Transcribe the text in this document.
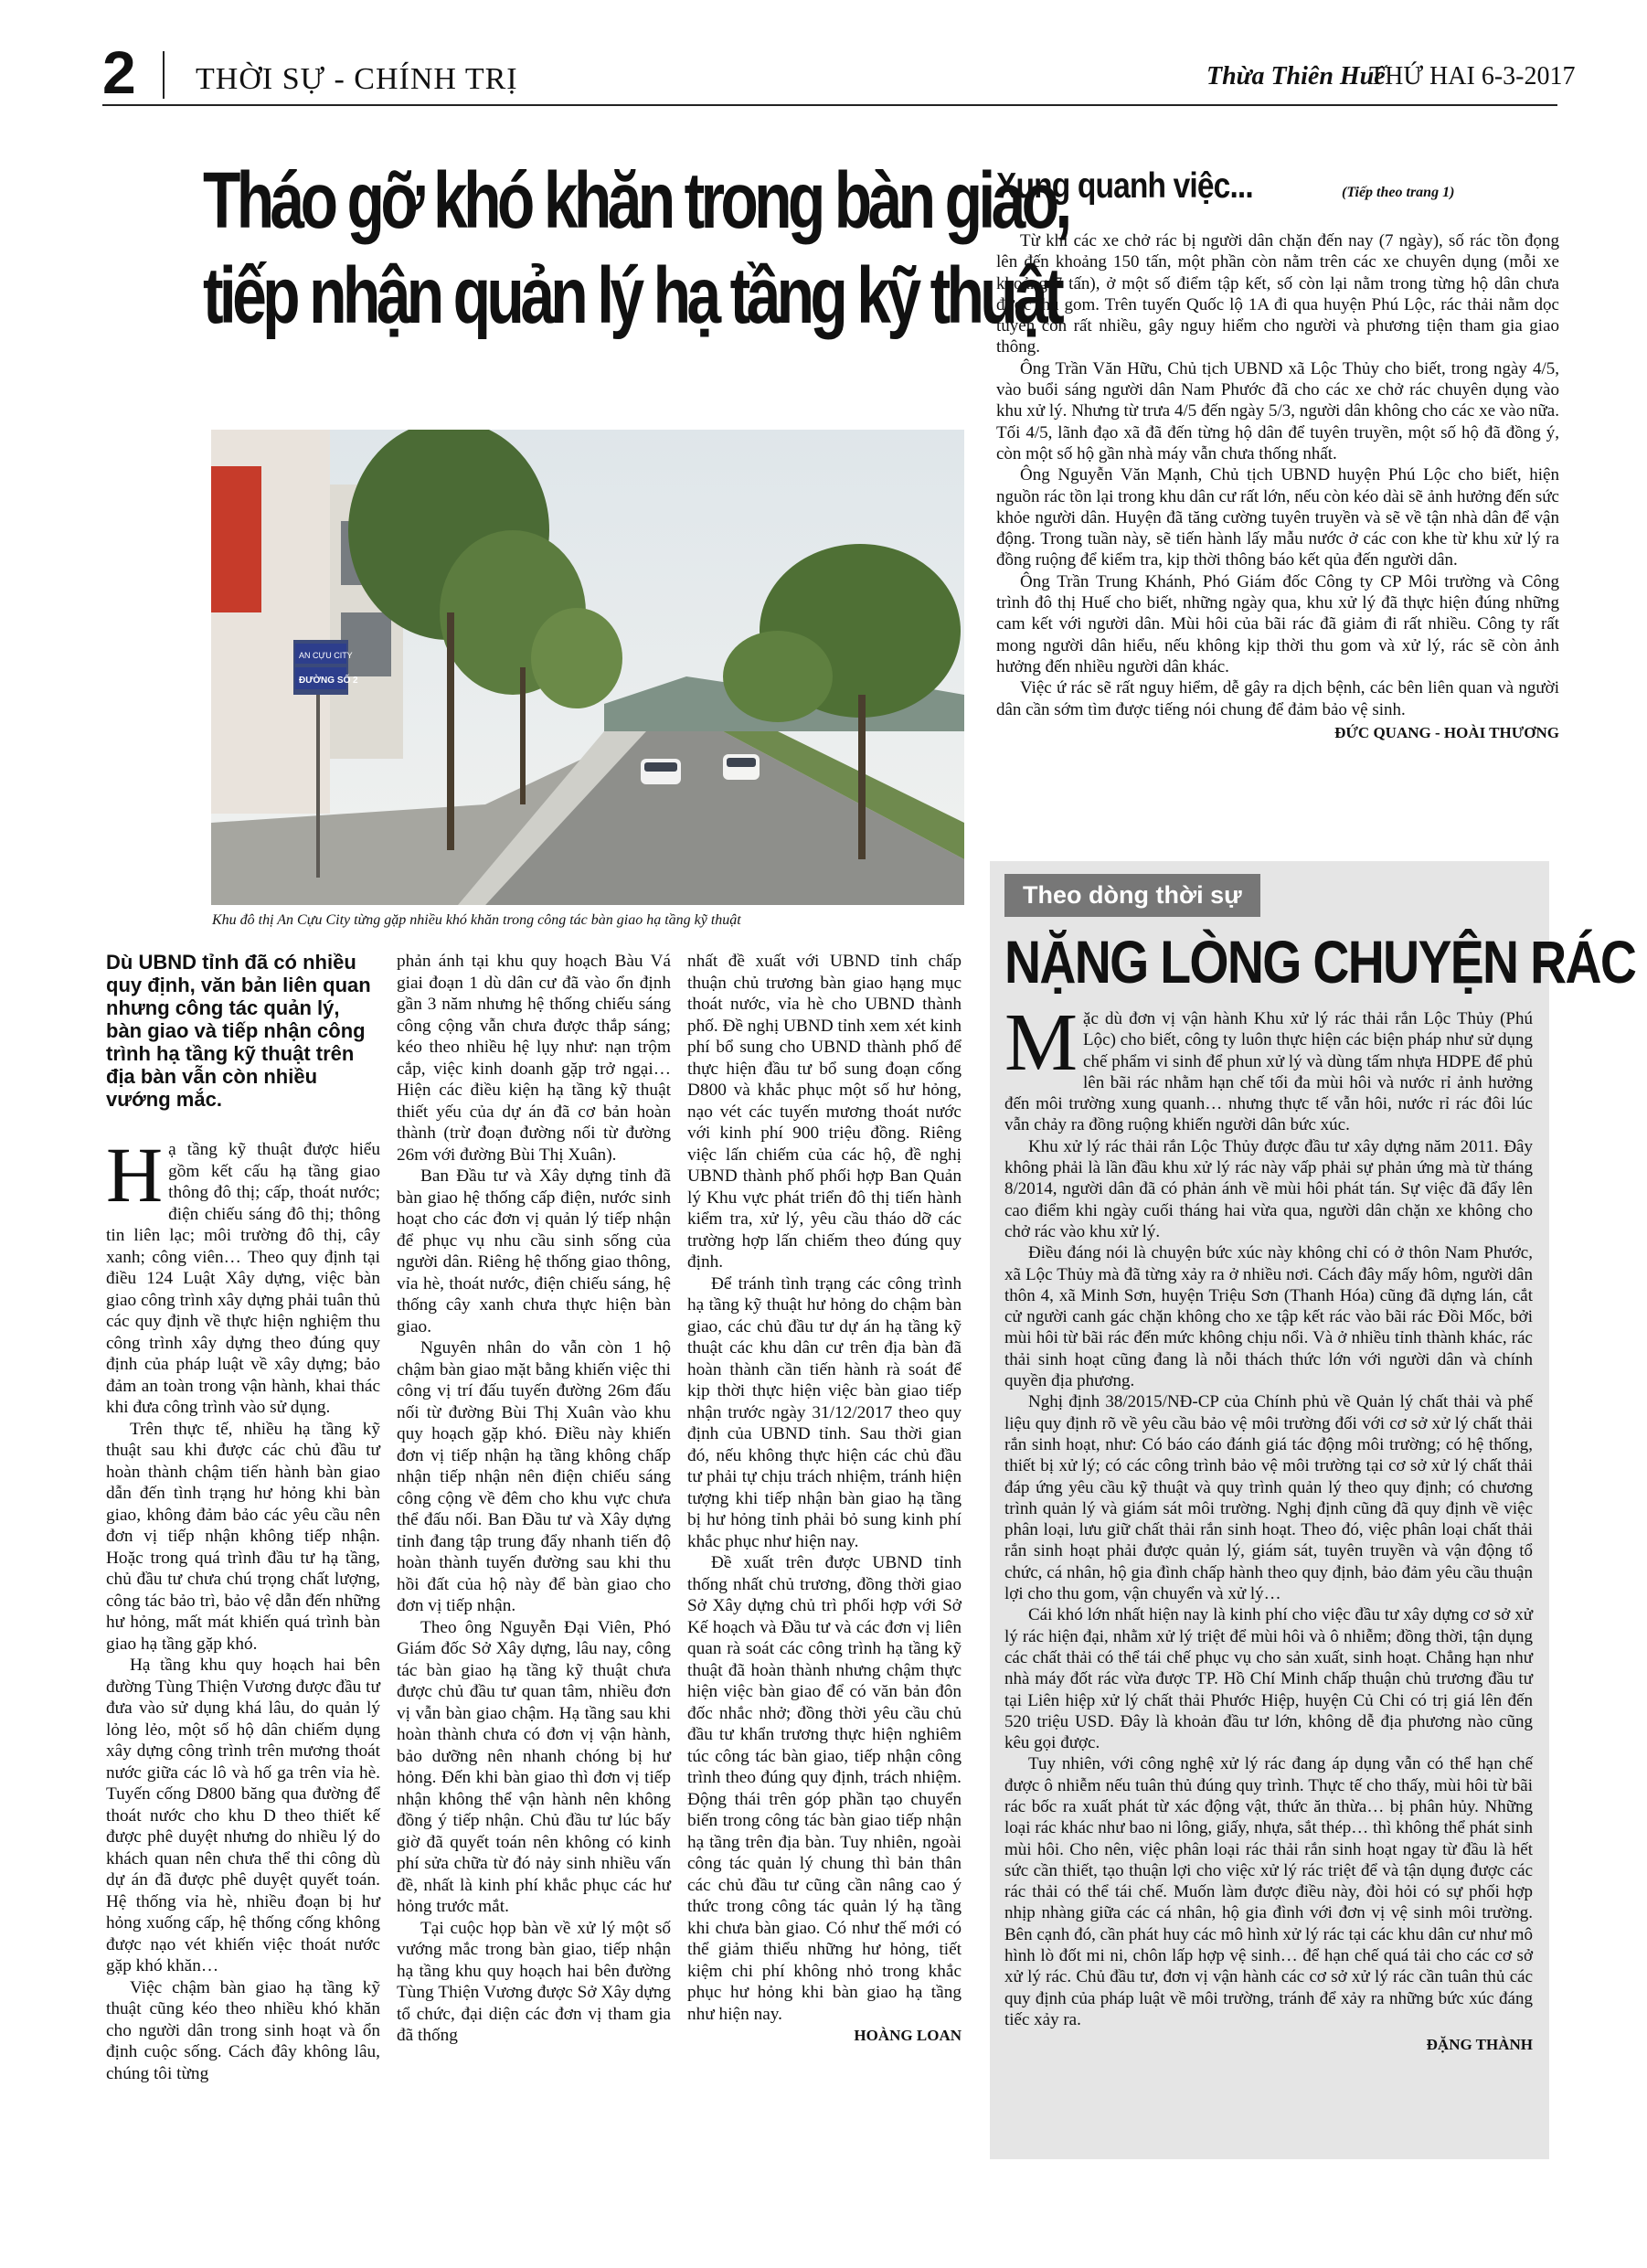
2 THỜI SỰ - CHÍNH TRỊ	Thừa Thiên Huế
THỨ HAI 6-3-2017
Tháo gỡ khó khăn trong bàn giao,
tiếp nhận quản lý hạ tầng kỹ thuật
AN CỰU CITY
ĐƯỜNG SỐ 2
Khu đô thị An Cựu City từng gặp nhiều khó khăn trong công tác bàn giao hạ tầng kỹ thuật
Xung quanh việc...	(Tiếp theo trang 1)

Từ khi các xe chở rác bị người dân chặn đến nay (7 ngày), số rác tồn đọng lên đến khoảng 150 tấn, một phần còn nằm trên các xe chuyên dụng (mỗi xe khoảng 7 tấn), ở một số điểm tập kết, số còn lại nằm trong từng hộ dân chưa được thu gom. Trên tuyến Quốc lộ 1A đi qua huyện Phú Lộc, rác thải nằm dọc tuyến còn rất nhiều, gây nguy hiểm cho người và phương tiện tham gia giao thông.

Ông Trần Văn Hữu, Chủ tịch UBND xã Lộc Thủy cho biết, trong ngày 4/5, vào buổi sáng người dân Nam Phước đã cho các xe chở rác chuyên dụng vào khu xử lý. Nhưng từ trưa 4/5 đến ngày 5/3, người dân không cho các xe vào nữa. Tối 4/5, lãnh đạo xã đã đến từng hộ dân để tuyên truyền, một số hộ đã đồng ý, còn một số hộ gần nhà máy vẫn chưa thống nhất.

Ông Nguyễn Văn Mạnh, Chủ tịch UBND huyện Phú Lộc cho biết, hiện nguồn rác tồn lại trong khu dân cư rất lớn, nếu còn kéo dài sẽ ảnh hưởng đến sức khỏe người dân. Huyện đã tăng cường tuyên truyền và sẽ về tận nhà dân để vận động. Trong tuần này, sẽ tiến hành lấy mẫu nước ở các con khe từ khu xử lý ra đồng ruộng để kiểm tra, kịp thời thông báo kết qủa đến người dân.

Ông Trần Trung Khánh, Phó Giám đốc Công ty CP Môi trường và Công trình đô thị Huế cho biết, những ngày qua, khu xử lý đã thực hiện đúng những cam kết với người dân. Mùi hôi của bãi rác đã giảm đi rất nhiều. Công ty rất mong người dân hiểu, nếu không kịp thời thu gom và xử lý, rác sẽ còn ảnh hưởng đến nhiều người dân khác.

Việc ứ rác sẽ rất nguy hiểm, dễ gây ra dịch bệnh, các bên liên quan và người dân cần sớm tìm được tiếng nói chung để đảm bảo vệ sinh.

ĐỨC QUANG - HOÀI THƯƠNG
Dù UBND tỉnh đã có nhiều quy định, văn bản liên quan nhưng công tác quản lý, bàn giao và tiếp nhận công trình hạ tầng kỹ thuật trên địa bàn vẫn còn nhiều vướng mắc.

Hạ tầng kỹ thuật được hiểu gồm kết cấu hạ tầng giao thông đô thị; cấp, thoát nước; điện chiếu sáng đô thị; thông tin liên lạc; môi trường đô thị, cây xanh; công viên… Theo quy định tại điều 124 Luật Xây dựng, việc bàn giao công trình xây dựng phải tuân thủ các quy định về thực hiện nghiệm thu công trình xây dựng theo đúng quy định của pháp luật về xây dựng; bảo đảm an toàn trong vận hành, khai thác khi đưa công trình vào sử dụng.

Trên thực tế, nhiều hạ tầng kỹ thuật sau khi được các chủ đầu tư hoàn thành chậm tiến hành bàn giao dẫn đến tình trạng hư hỏng khi bàn giao, không đảm bảo các yêu cầu nên đơn vị tiếp nhận không tiếp nhận. Hoặc trong quá trình đầu tư hạ tầng, chủ đầu tư chưa chú trọng chất lượng, công tác bảo trì, bảo vệ dẫn đến những hư hỏng, mất mát khiến quá trình bàn giao hạ tầng gặp khó.

Hạ tầng khu quy hoạch hai bên đường Tùng Thiện Vương được đầu tư đưa vào sử dụng khá lâu, do quản lý lỏng lẻo, một số hộ dân chiếm dụng xây dựng công trình trên mương thoát nước giữa các lô và hố ga trên vỉa hè. Tuyến cống D800 băng qua đường để thoát nước cho khu D theo thiết kế được phê duyệt nhưng do nhiều lý do khách quan nên chưa thể thi công dù dự án đã được phê duyệt quyết toán. Hệ thống vỉa hè, nhiều đoạn bị hư hỏng xuống cấp, hệ thống cống không được nạo vét khiến việc thoát nước gặp khó khăn…

Việc chậm bàn giao hạ tầng kỹ thuật cũng kéo theo nhiều khó khăn cho người dân trong sinh hoạt và ổn định cuộc sống. Cách đây không lâu, chúng tôi từng

phản ánh tại khu quy hoạch Bàu Vá giai đoạn 1 dù dân cư đã vào ổn định gần 3 năm nhưng hệ thống chiếu sáng công cộng vẫn chưa được thắp sáng; kéo theo nhiều hệ lụy như: nạn trộm cắp, việc kinh doanh gặp trở ngại… Hiện các điều kiện hạ tầng kỹ thuật thiết yếu của dự án đã cơ bản hoàn thành (trừ đoạn đường nối từ đường 26m với đường Bùi Thị Xuân).

Ban Đầu tư và Xây dựng tỉnh đã bàn giao hệ thống cấp điện, nước sinh hoạt cho các đơn vị quản lý tiếp nhận để phục vụ nhu cầu sinh sống của người dân. Riêng hệ thống giao thông, vỉa hè, thoát nước, điện chiếu sáng, hệ thống cây xanh chưa thực hiện bàn giao.

Nguyên nhân do vẫn còn 1 hộ chậm bàn giao mặt bằng khiến việc thi công vị trí đấu tuyến đường 26m đấu nối từ đường Bùi Thị Xuân vào khu quy hoạch gặp khó. Điều này khiến đơn vị tiếp nhận hạ tầng không chấp nhận tiếp nhận nên điện chiếu sáng công cộng về đêm cho khu vực chưa thể đấu nối. Ban Đầu tư và Xây dựng tỉnh đang tập trung đẩy nhanh tiến độ hoàn thành tuyến đường sau khi thu hồi đất của hộ này để bàn giao cho đơn vị tiếp nhận.

Theo ông Nguyễn Đại Viên, Phó Giám đốc Sở Xây dựng, lâu nay, công tác bàn giao hạ tầng kỹ thuật chưa được chủ đầu tư quan tâm, nhiều đơn vị vẫn bàn giao chậm. Hạ tầng sau khi hoàn thành chưa có đơn vị vận hành, bảo dưỡng nên nhanh chóng bị hư hỏng. Đến khi bàn giao thì đơn vị tiếp nhận không thể vận hành nên không đồng ý tiếp nhận. Chủ đầu tư lúc bấy giờ đã quyết toán nên không có kinh phí sửa chữa từ đó nảy sinh nhiều vấn đề, nhất là kinh phí khắc phục các hư hỏng trước mắt.

Tại cuộc họp bàn về xử lý một số vướng mắc trong bàn giao, tiếp nhận hạ tầng khu quy hoạch hai bên đường Tùng Thiện Vương được Sở Xây dựng tổ chức, đại diện các đơn vị tham gia đã thống

nhất đề xuất với UBND tỉnh chấp thuận chủ trương bàn giao hạng mục thoát nước, vỉa hè cho UBND thành phố. Đề nghị UBND tỉnh xem xét kinh phí bổ sung cho UBND thành phố để thực hiện đầu tư bổ sung đoạn cống D800 và khắc phục một số hư hỏng, nạo vét các tuyến mương thoát nước với kinh phí 900 triệu đồng. Riêng việc lấn chiếm của các hộ, đề nghị UBND thành phố phối hợp Ban Quản lý Khu vực phát triển đô thị tiến hành kiểm tra, xử lý, yêu cầu tháo dỡ các trường hợp lấn chiếm theo đúng quy định.

Để tránh tình trạng các công trình hạ tầng kỹ thuật hư hỏng do chậm bàn giao, các chủ đầu tư dự án hạ tầng kỹ thuật các khu dân cư trên địa bàn đã hoàn thành cần tiến hành rà soát để kịp thời thực hiện việc bàn giao tiếp nhận trước ngày 31/12/2017 theo quy định của UBND tỉnh. Sau thời gian đó, nếu không thực hiện các chủ đầu tư phải tự chịu trách nhiệm, tránh hiện tượng khi tiếp nhận bàn giao hạ tầng bị hư hỏng tỉnh phải bỏ sung kinh phí khắc phục như hiện nay.

Đề xuất trên được UBND tỉnh thống nhất chủ trương, đồng thời giao Sở Xây dựng chủ trì phối hợp với Sở Kế hoạch và Đầu tư và các đơn vị liên quan rà soát các công trình hạ tầng kỹ thuật đã hoàn thành nhưng chậm thực hiện việc bàn giao để có văn bản đôn đốc nhắc nhở; đồng thời yêu cầu chủ đầu tư khẩn trương thực hiện nghiêm túc công tác bàn giao, tiếp nhận công trình theo đúng quy định, trách nhiệm. Động thái trên góp phần tạo chuyển biến trong công tác bàn giao tiếp nhận hạ tầng trên địa bàn. Tuy nhiên, ngoài công tác quản lý chung thì bản thân các chủ đầu tư cũng cần nâng cao ý thức trong công tác quản lý hạ tầng khi chưa bàn giao. Có như thế mới có thể giảm thiểu những hư hỏng, tiết kiệm chi phí không nhỏ trong khắc phục hư hỏng khi bàn giao hạ tầng như hiện nay.

HOÀNG LOAN
Theo dòng thời sự
NẶNG LÒNG CHUYỆN RÁC

Mặc dù đơn vị vận hành Khu xử lý rác thải rắn Lộc Thủy (Phú Lộc) cho biết, công ty luôn thực hiện các biện pháp như sử dụng chế phẩm vi sinh để phun xử lý và dùng tấm nhựa HDPE để phủ lên bãi rác nhằm hạn chế tối đa mùi hôi và nước rỉ ảnh hưởng đến môi trường xung quanh… nhưng thực tế vẫn hôi, nước rỉ rác đôi lúc vẫn chảy ra đồng ruộng khiến người dân bức xúc.

Khu xử lý rác thải rắn Lộc Thủy được đầu tư xây dựng năm 2011. Đây không phải là lần đầu khu xử lý rác này vấp phải sự phản ứng mà từ tháng 8/2014, người dân đã có phản ánh về mùi hôi phát tán. Sự việc đã đẩy lên cao điểm khi ngày cuối tháng hai vừa qua, người dân chặn xe không cho chở rác vào khu xử lý.

Điều đáng nói là chuyện bức xúc này không chỉ có ở thôn Nam Phước, xã Lộc Thủy mà đã từng xảy ra ở nhiều nơi. Cách đây mấy hôm, người dân thôn 4, xã Minh Sơn, huyện Triệu Sơn (Thanh Hóa) cũng đã dựng lán, cắt cử người canh gác chặn không cho xe tập kết rác vào bãi rác Đồi Mốc, bởi mùi hôi từ bãi rác đến mức không chịu nổi. Và ở nhiều tỉnh thành khác, rác thải sinh hoạt cũng đang là nỗi thách thức lớn với người dân và chính quyền địa phương.

Nghị định 38/2015/NĐ-CP của Chính phủ về Quản lý chất thải và phế liệu quy định rõ về yêu cầu bảo vệ môi trường đối với cơ sở xử lý chất thải rắn sinh hoạt, như: Có báo cáo đánh giá tác động môi trường; có hệ thống, thiết bị xử lý; có các công trình bảo vệ môi trường tại cơ sở xử lý chất thải đáp ứng yêu cầu kỹ thuật và quy trình quản lý theo quy định; có chương trình quản lý và giám sát môi trường. Nghị định cũng đã quy định về việc phân loại, lưu giữ chất thải rắn sinh hoạt. Theo đó, việc phân loại chất thải rắn sinh hoạt phải được quản lý, giám sát, tuyên truyền và vận động tổ chức, cá nhân, hộ gia đình chấp hành theo quy định, bảo đảm yêu cầu thuận lợi cho thu gom, vận chuyển và xử lý…

Cái khó lớn nhất hiện nay là kinh phí cho việc đầu tư xây dựng cơ sở xử lý rác hiện đại, nhằm xử lý triệt để mùi hôi và ô nhiễm; đồng thời, tận dụng các chất thải có thể tái chế phục vụ cho sản xuất, sinh hoạt. Chẳng hạn như nhà máy đốt rác vừa được TP. Hồ Chí Minh chấp thuận chủ trương đầu tư tại Liên hiệp xử lý chất thải Phước Hiệp, huyện Củ Chi có trị giá lên đến 520 triệu USD. Đây là khoản đầu tư lớn, không dễ địa phương nào cũng kêu gọi được.

Tuy nhiên, với công nghệ xử lý rác đang áp dụng vẫn có thể hạn chế được ô nhiễm nếu tuân thủ đúng quy trình. Thực tế cho thấy, mùi hôi từ bãi rác bốc ra xuất phát từ xác động vật, thức ăn thừa… bị phân hủy. Những loại rác khác như bao ni lông, giấy, nhựa, sắt thép… thì không thể phát sinh mùi hôi. Cho nên, việc phân loại rác thải rắn sinh hoạt ngay từ đầu là hết sức cần thiết, tạo thuận lợi cho việc xử lý rác triệt để và tận dụng được các rác thải có thể tái chế. Muốn làm được điều này, đòi hỏi có sự phối hợp nhịp nhàng giữa các cá nhân, hộ gia đình với đơn vị vệ sinh môi trường. Bên cạnh đó, cần phát huy các mô hình xử lý rác tại các khu dân cư như mô hình lò đốt mi ni, chôn lấp hợp vệ sinh… để hạn chế quá tải cho các cơ sở xử lý rác. Chủ đầu tư, đơn vị vận hành các cơ sở xử lý rác cần tuân thủ các quy định của pháp luật về môi trường, tránh để xảy ra những bức xúc đáng tiếc xảy ra.

ĐẶNG THÀNH
